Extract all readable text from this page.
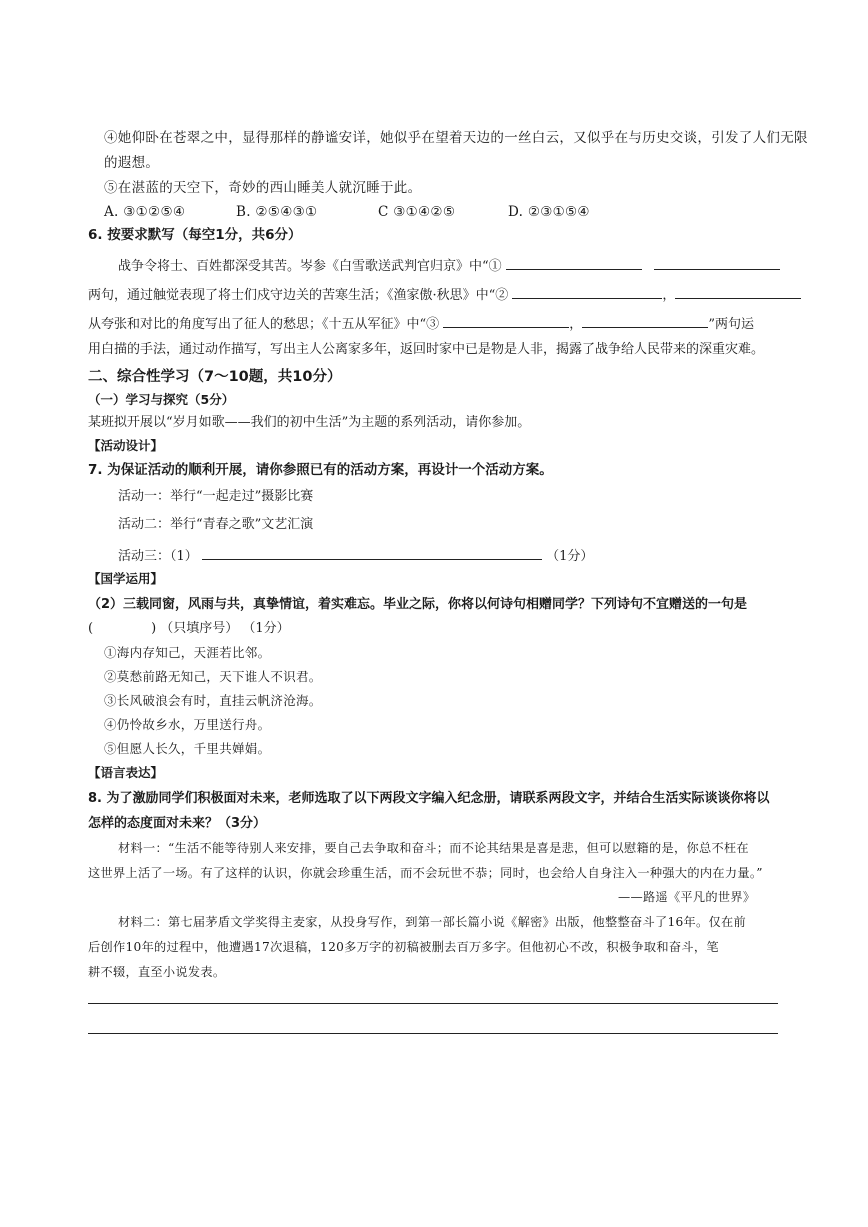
④她仰卧在苍翠之中，显得那样的静谧安详，她似乎在望着天边的一丝白云，又似乎在与历史交谈，引发了人们无限
的遐想。
⑤在湛蓝的天空下，奇妙的西山睡美人就沉睡于此。
A. ③①②⑤④	B. ②⑤④③①	C ③①④②⑤	D. ②③①⑤④
6. 按要求默写（每空1分，共6分）
战争令将士、百姓都深受其苦。岑参《白雪歌送武判官归京》中“①
两句，通过触觉表现了将士们戍守边关的苦寒生活；《渔家傲·秋思》中“②	，
从夸张和对比的角度写出了征人的愁思；《十五从军征》中“③	，	”两句运
用白描的手法，通过动作描写，写出主人公离家多年，返回时家中已是物是人非，揭露了战争给人民带来的深重灾难。
二、综合性学习（7～10题，共10分）
（一）学习与探究（5分）
某班拟开展以“岁月如歌——我们的初中生活”为主题的系列活动，请你参加。
【活动设计】
7. 为保证活动的顺利开展，请你参照已有的活动方案，再设计一个活动方案。
活动一：举行“一起走过”摄影比赛
活动二：举行“青春之歌”文艺汇演
活动三：（1）	（1分）
【国学运用】
（2）三载同窗，风雨与共，真挚情谊，着实难忘。毕业之际，你将以何诗句相赠同学？下列诗句不宜赠送的一句是
(	) （只填序号） （1分）
①海内存知己，天涯若比邻。
②莫愁前路无知己，天下谁人不识君。
③长风破浪会有时，直挂云帆济沧海。
④仍怜故乡水，万里送行舟。
⑤但愿人长久，千里共婵娟。
【语言表达】
8. 为了激励同学们积极面对未来，老师选取了以下两段文字编入纪念册，请联系两段文字，并结合生活实际谈谈你将以
怎样的态度面对未来？（3分）
材料一：“生活不能等待别人来安排，要自己去争取和奋斗；而不论其结果是喜是悲，但可以慰籍的是，你总不枉在
这世界上活了一场。有了这样的认识，你就会珍重生活，而不会玩世不恭；同时，也会给人自身注入一种强大的内在力量。”
——路遥《平凡的世界》
材料二：第七届茅盾文学奖得主麦家，从投身写作，到第一部长篇小说《解密》出版，他整整奋斗了16年。仅在前
后创作10年的过程中，他遭遇17次退稿，120多万字的初稿被删去百万多字。但他初心不改，积极争取和奋斗，笔
耕不辍，直至小说发表。
